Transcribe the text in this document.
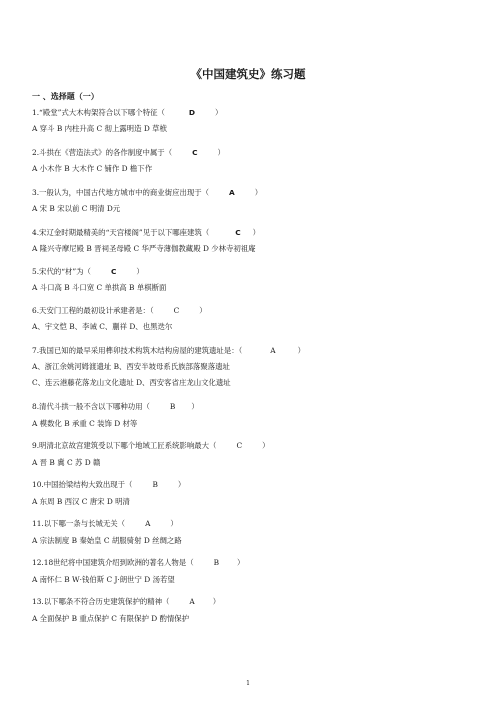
《中国建筑史》练习题
一 、选择题（一）
1.“殿堂”式大木构架符合以下哪个特征（	D	）
A 穿斗 B 内柱升高 C 彻上露明造 D 草栿
2.斗拱在《营造法式》的各作制度中属于（	C	）
A 小木作 B 大木作 C 铺作 D 檐下作
3.一般认为，中国古代地方城市中的商业街应出现于（	A	）
A 宋 B 宋以前 C 明清 D元
4.宋辽金时期最精美的“天宫楼阁”见于以下哪座建筑（	C ）
A 隆兴寺摩尼殿 B 晋祠圣母殿 C 华严寺薄伽教藏殿 D 少林寺初祖庵
5.宋代的“材”为（	C	）
A 斗口高 B 斗口宽 C 单拱高 B 单棋断面
6.天安门工程的最初设计承建者是：（	C	）
A、宇文恺 B、李诫 C、蒯祥 D、也黑迭尔
7.我国已知的最早采用榫卯技术构筑木结构房屋的建筑遗址是：（	A	）
A、浙江余姚河姆渡遗址 B、西安半坡母系氏族部落聚落遗址
C、连云港藤花落龙山文化遗址 D、西安客省庄龙山文化遗址
8.清代斗拱一般不含以下哪种功用（	B ）
A 模数化 B 承重 C 装饰 D 材等
9.明清北京故宫建筑受以下哪个地域工匠系统影响最大（	C	）
A 晋 B 冀 C 苏 D 赣
10.中国抬梁结构大致出现于（	B	）
A 东周 B 西汉 C 唐宋 D 明清
11.以下哪一条与长城无关（	A	）
A 宗法制度 B 秦始皇 C 胡服骑射 D 丝绸之路
12.18世纪将中国建筑介绍到欧洲的著名人物是（	B ）
A 南怀仁 B W·钱伯斯 C J·朗世宁 D 汤若望
13.以下哪条不符合历史建筑保护的精神（	A ）
A 全面保护 B 重点保护 C 有限保护 D 酌情保护
1
